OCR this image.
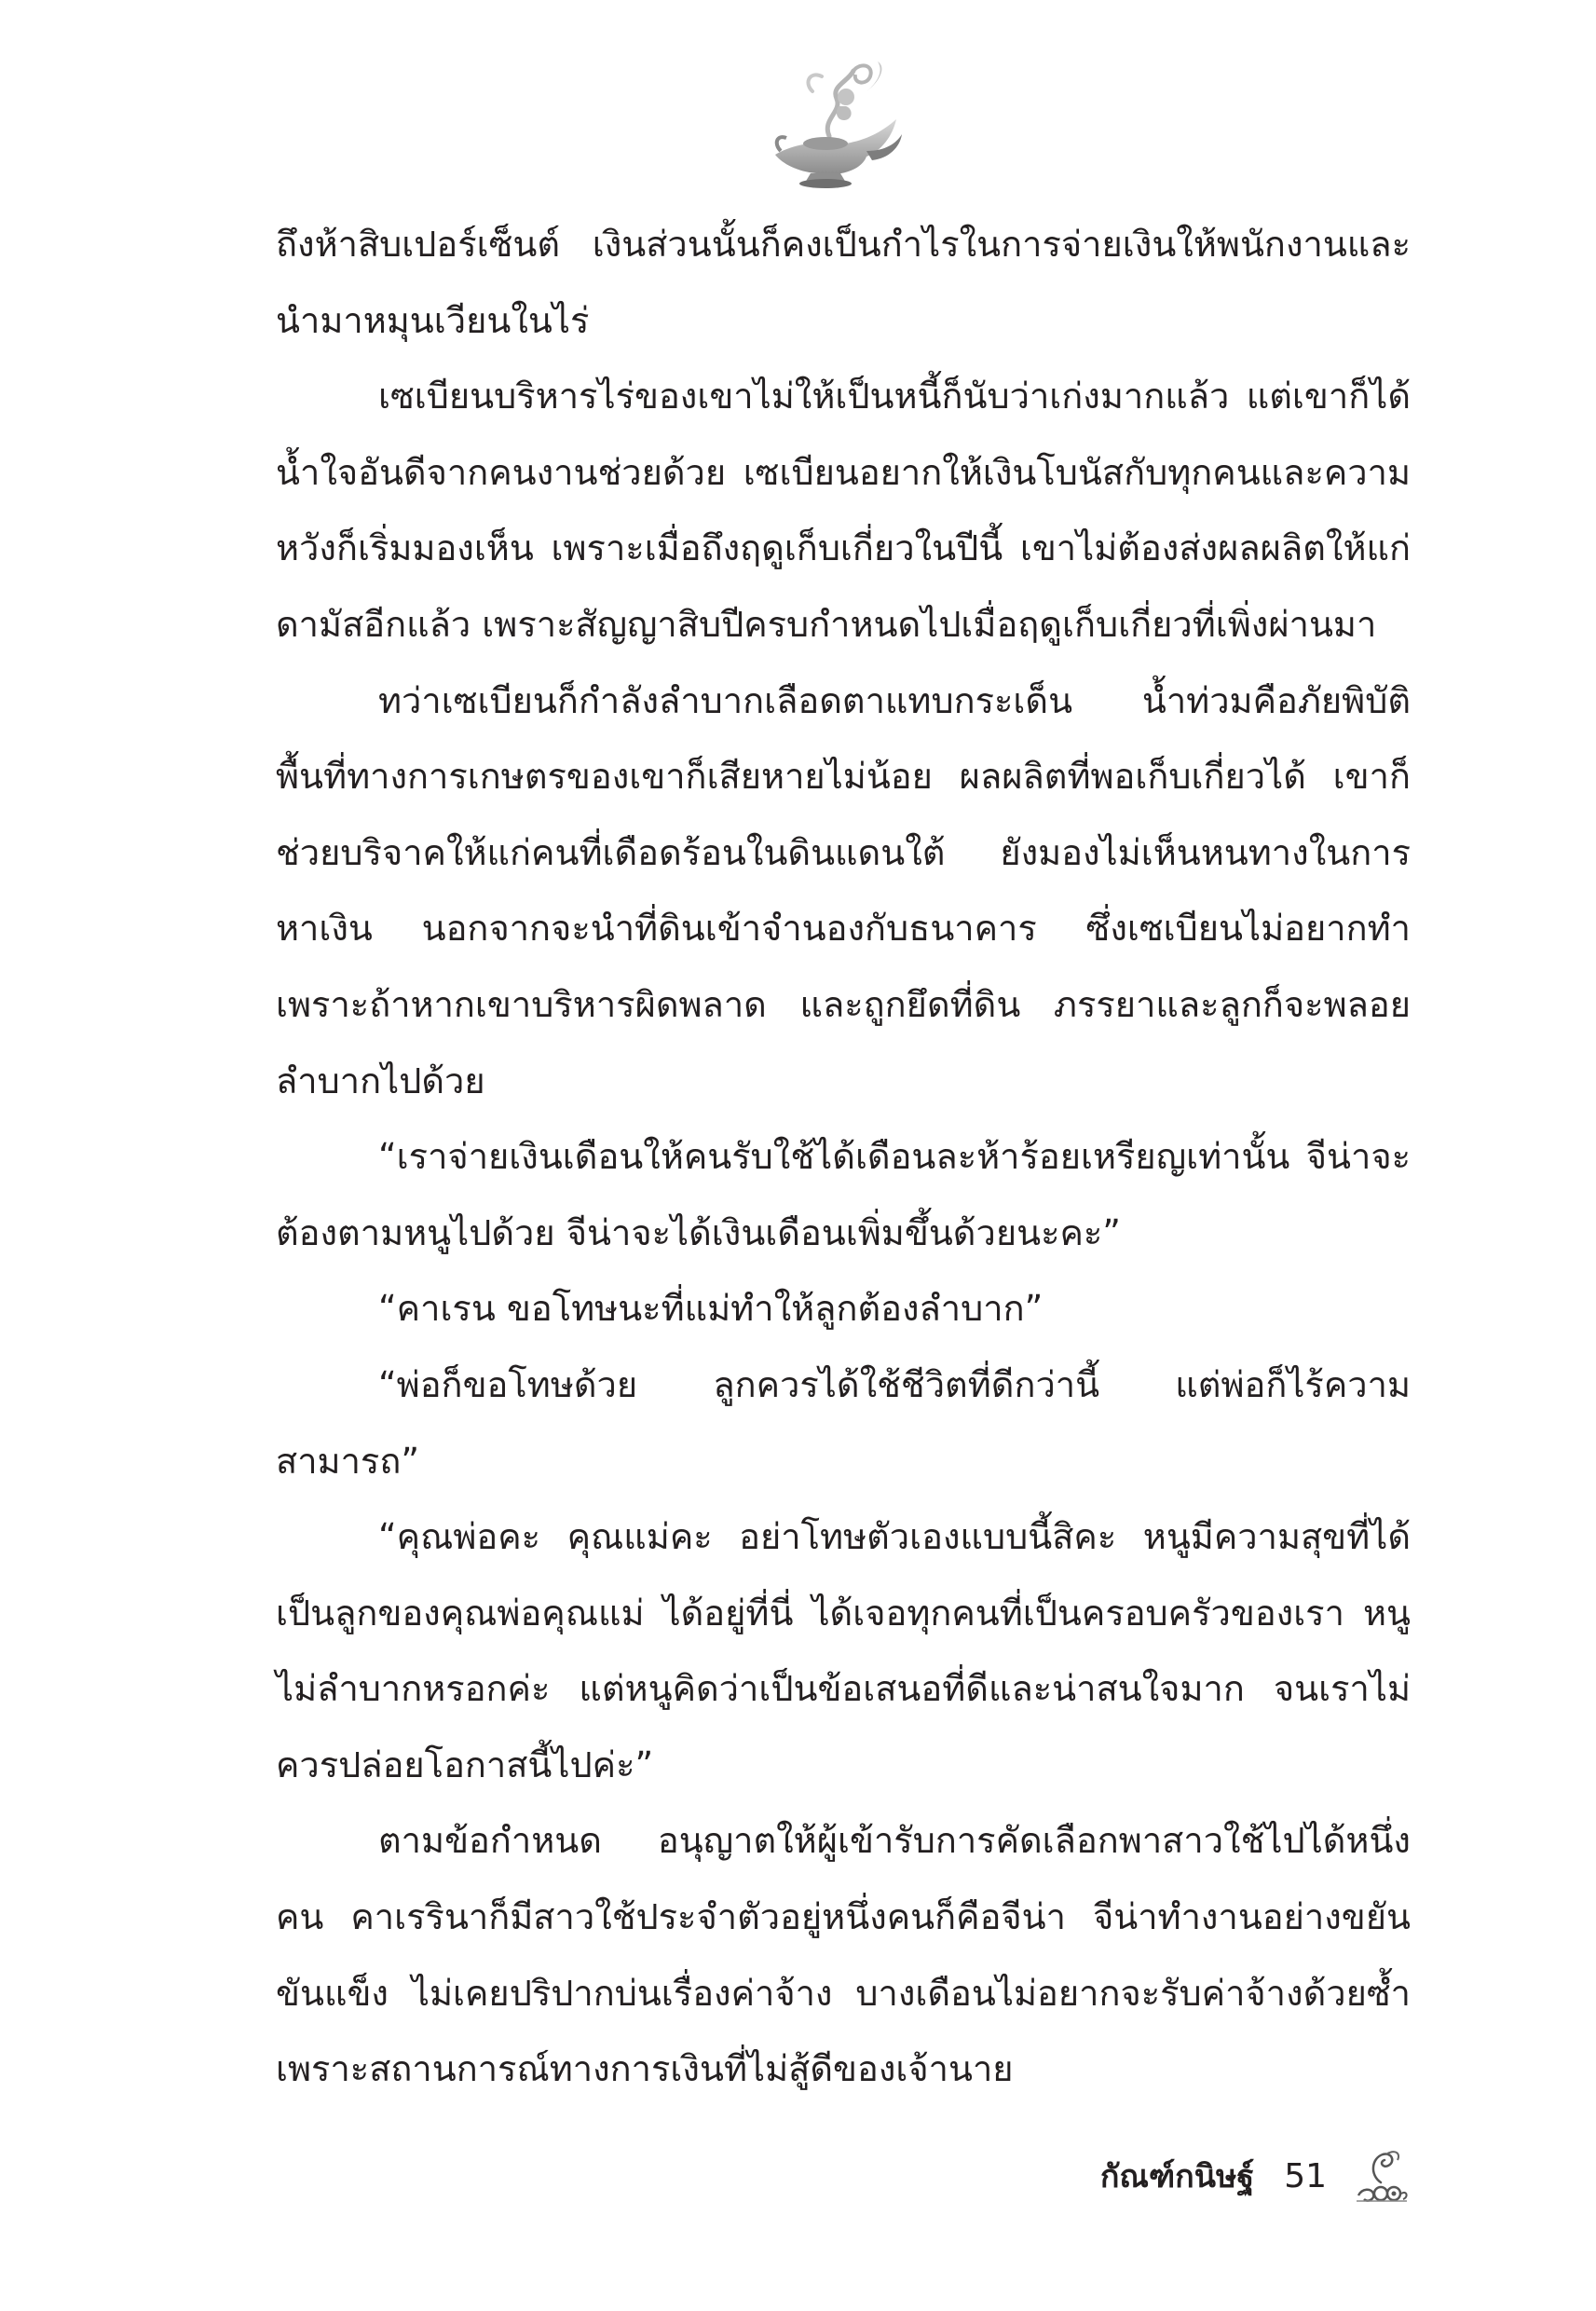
ถึงห้าสิบเปอร์เซ็นต์ เงินส่วนนั้นก็คงเป็นกำไรในการจ่ายเงินให้พนักงานและนำมาหมุนเวียนในไร่

เซเบียนบริหารไร่ของเขาไม่ให้เป็นหนี้ก็นับว่าเก่งมากแล้ว แต่เขาก็ได้น้ำใจอันดีจากคนงานช่วยด้วย เซเบียนอยากให้เงินโบนัสกับทุกคนและความหวังก็เริ่มมองเห็น เพราะเมื่อถึงฤดูเก็บเกี่ยวในปีนี้ เขาไม่ต้องส่งผลผลิตให้แก่ดามัสอีกแล้ว เพราะสัญญาสิบปีครบกำหนดไปเมื่อฤดูเก็บเกี่ยวที่เพิ่งผ่านมา

ทว่าเซเบียนก็กำลังลำบากเลือดตาแทบกระเด็น น้ำท่วมคือภัยพิบัติ พื้นที่ทางการเกษตรของเขาก็เสียหายไม่น้อย ผลผลิตที่พอเก็บเกี่ยวได้ เขาก็ช่วยบริจาคให้แก่คนที่เดือดร้อนในดินแดนใต้ ยังมองไม่เห็นหนทางในการหาเงิน นอกจากจะนำที่ดินเข้าจำนองกับธนาคาร ซึ่งเซเบียนไม่อยากทำ เพราะถ้าหากเขาบริหารผิดพลาด และถูกยึดที่ดิน ภรรยาและลูกก็จะพลอยลำบากไปด้วย

“เราจ่ายเงินเดือนให้คนรับใช้ได้เดือนละห้าร้อยเหรียญเท่านั้น จีน่าจะต้องตามหนูไปด้วย จีน่าจะได้เงินเดือนเพิ่มขึ้นด้วยนะคะ”

“คาเรน ขอโทษนะที่แม่ทำให้ลูกต้องลำบาก”

“พ่อก็ขอโทษด้วย ลูกควรได้ใช้ชีวิตที่ดีกว่านี้ แต่พ่อก็ไร้ความสามารถ”

“คุณพ่อคะ คุณแม่คะ อย่าโทษตัวเองแบบนี้สิคะ หนูมีความสุขที่ได้เป็นลูกของคุณพ่อคุณแม่ ได้อยู่ที่นี่ ได้เจอทุกคนที่เป็นครอบครัวของเรา หนูไม่ลำบากหรอกค่ะ แต่หนูคิดว่าเป็นข้อเสนอที่ดีและน่าสนใจมาก จนเราไม่ควรปล่อยโอกาสนี้ไปค่ะ”

ตามข้อกำหนด อนุญาตให้ผู้เข้ารับการคัดเลือกพาสาวใช้ไปได้หนึ่งคน คาเรรินาก็มีสาวใช้ประจำตัวอยู่หนึ่งคนก็คือจีน่า จีน่าทำงานอย่างขยันขันแข็ง ไม่เคยปริปากบ่นเรื่องค่าจ้าง บางเดือนไม่อยากจะรับค่าจ้างด้วยซ้ำ เพราะสถานการณ์ทางการเงินที่ไม่สู้ดีของเจ้านาย

กัณฑ์กนิษฐ์ 51
